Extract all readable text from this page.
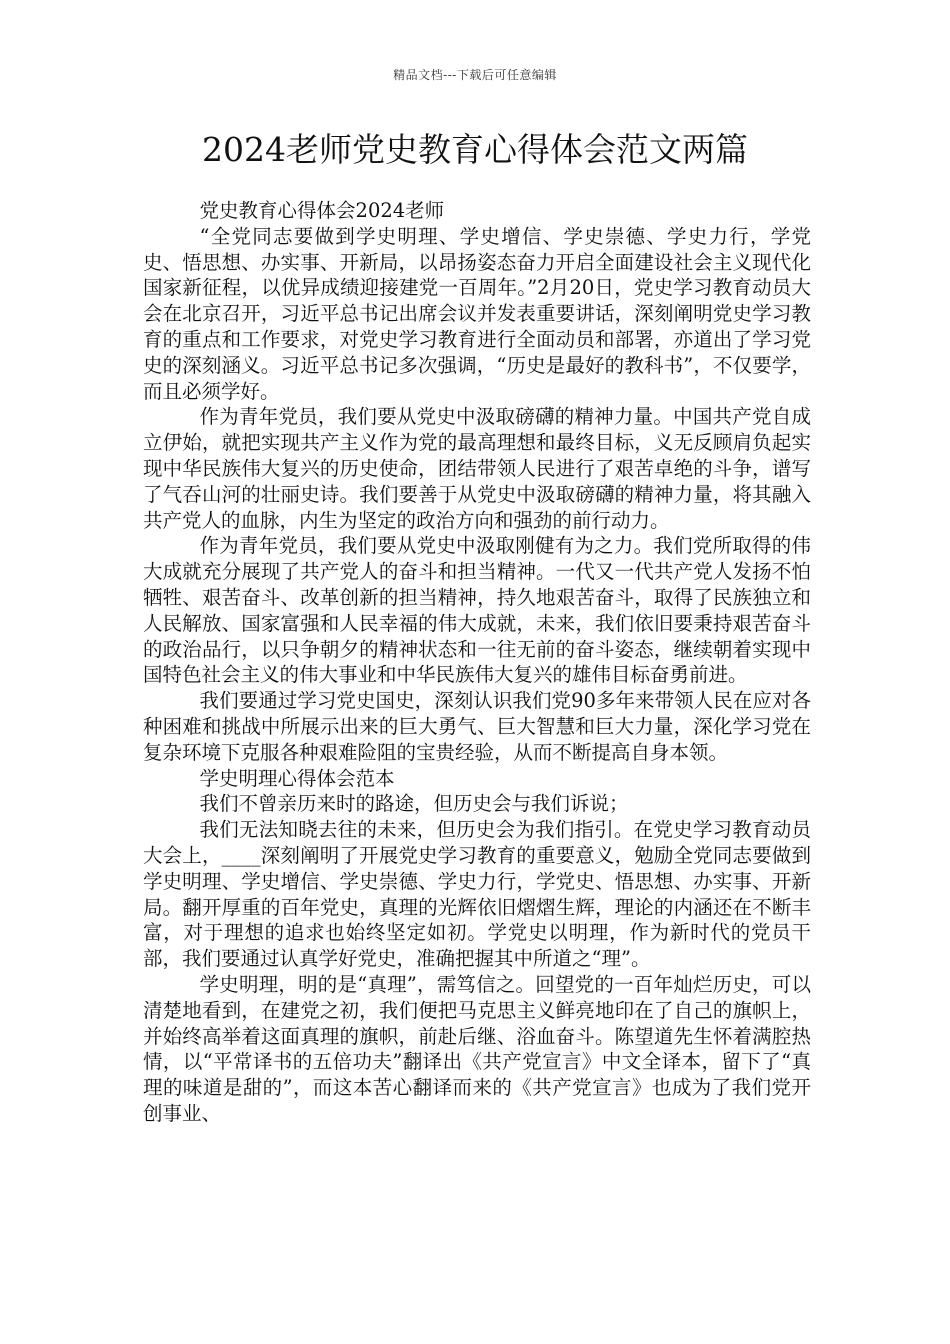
精品文档---下载后可任意编辑
2024老师党史教育心得体会范文两篇

党史教育心得体会2024老师

“全党同志要做到学史明理、学史增信、学史崇德、学史力行，学党史、悟思想、办实事、开新局，以昂扬姿态奋力开启全面建设社会主义现代化国家新征程，以优异成绩迎接建党一百周年。”2月20日，党史学习教育动员大会在北京召开，习近平总书记出席会议并发表重要讲话，深刻阐明党史学习教育的重点和工作要求，对党史学习教育进行全面动员和部署，亦道出了学习党史的深刻涵义。习近平总书记多次强调，“历史是最好的教科书”，不仅要学，而且必须学好。

作为青年党员，我们要从党史中汲取磅礴的精神力量。中国共产党自成立伊始，就把实现共产主义作为党的最高理想和最终目标，义无反顾肩负起实现中华民族伟大复兴的历史使命，团结带领人民进行了艰苦卓绝的斗争，谱写了气吞山河的壮丽史诗。我们要善于从党史中汲取磅礴的精神力量，将其融入共产党人的血脉，内生为坚定的政治方向和强劲的前行动力。

作为青年党员，我们要从党史中汲取刚健有为之力。我们党所取得的伟大成就充分展现了共产党人的奋斗和担当精神。一代又一代共产党人发扬不怕牺牲、艰苦奋斗、改革创新的担当精神，持久地艰苦奋斗，取得了民族独立和人民解放、国家富强和人民幸福的伟大成就，未来，我们依旧要秉持艰苦奋斗的政治品行，以只争朝夕的精神状态和一往无前的奋斗姿态，继续朝着实现中国特色社会主义的伟大事业和中华民族伟大复兴的雄伟目标奋勇前进。

我们要通过学习党史国史，深刻认识我们党90多年来带领人民在应对各种困难和挑战中所展示出来的巨大勇气、巨大智慧和巨大力量，深化学习党在复杂环境下克服各种艰难险阻的宝贵经验，从而不断提高自身本领。

学史明理心得体会范本

我们不曾亲历来时的路途，但历史会与我们诉说；

我们无法知晓去往的未来，但历史会为我们指引。在党史学习教育动员大会上，____深刻阐明了开展党史学习教育的重要意义，勉励全党同志要做到学史明理、学史增信、学史崇德、学史力行，学党史、悟思想、办实事、开新局。翻开厚重的百年党史，真理的光辉依旧熠熠生辉，理论的内涵还在不断丰富，对于理想的追求也始终坚定如初。学党史以明理，作为新时代的党员干部，我们要通过认真学好党史，准确把握其中所道之“理”。

学史明理，明的是“真理”，需笃信之。回望党的一百年灿烂历史，可以清楚地看到，在建党之初，我们便把马克思主义鲜亮地印在了自己的旗帜上，并始终高举着这面真理的旗帜，前赴后继、浴血奋斗。陈望道先生怀着满腔热情，以“平常译书的五倍功夫”翻译出《共产党宣言》中文全译本，留下了“真理的味道是甜的”，而这本苦心翻译而来的《共产党宣言》也成为了我们党开创事业、
